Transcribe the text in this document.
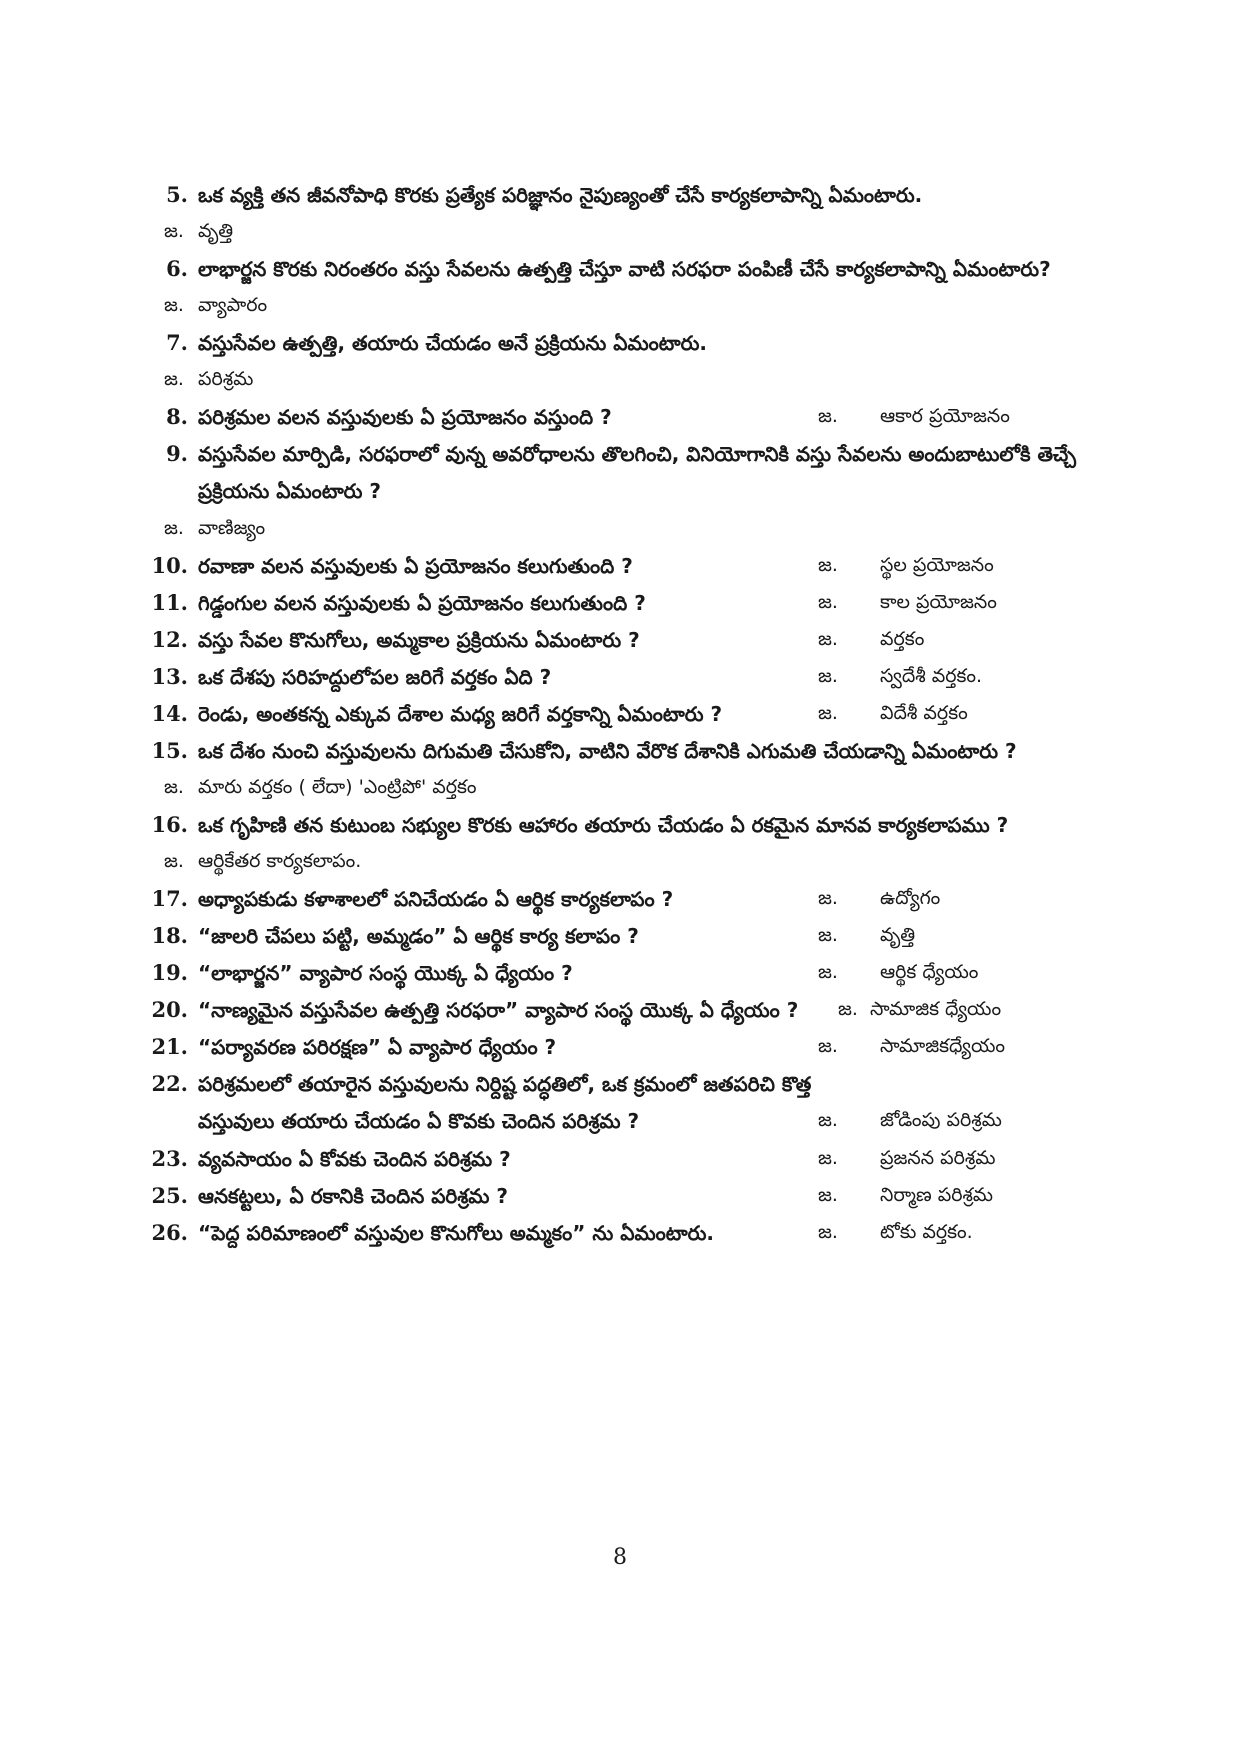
5. ఒక వ్యక్తి తన జీవనోపాధి కొరకు ప్రత్యేక పరిజ్ఞానం నైపుణ్యంతో చేసే కార్యకలాపాన్ని ఏమంటారు.
జ. వృత్తి
6. లాభార్జన కొరకు నిరంతరం వస్తు సేవలను ఉత్పత్తి చేస్తూ వాటి సరఫరా పంపిణీ చేసే కార్యకలాపాన్ని ఏమంటారు?
జ. వ్యాపారం
7. వస్తుసేవల ఉత్పత్తి, తయారు చేయడం అనే ప్రక్రియను ఏమంటారు.
జ. పరిశ్రమ
8. పరిశ్రమల వలన వస్తువులకు ఏ ప్రయోజనం వస్తుంది ?	జ.	ఆకార ప్రయోజనం
9. వస్తుసేవల మార్పిడి, సరఫరాలో వున్న అవరోధాలను తొలగించి, వినియోగానికి వస్తు సేవలను అందుబాటులోకి తెచ్చే ప్రక్రియను ఏమంటారు ?
జ. వాణిజ్యం
10. రవాణా వలన వస్తువులకు ఏ ప్రయోజనం కలుగుతుంది ?	జ.	స్థల ప్రయోజనం
11. గిడ్డంగుల వలన వస్తువులకు ఏ ప్రయోజనం కలుగుతుంది ?	జ.	కాల ప్రయోజనం
12. వస్తు సేవల కొనుగోలు, అమ్మకాల ప్రక్రియను ఏమంటారు ?	జ.	వర్తకం
13. ఒక దేశపు సరిహద్దులోపల జరిగే వర్తకం ఏది ?	జ.	స్వదేశీ వర్తకం.
14. రెండు, అంతకన్న ఎక్కువ దేశాల మధ్య జరిగే వర్తకాన్ని ఏమంటారు ?	జ.	విదేశీ వర్తకం
15. ఒక దేశం నుంచి వస్తువులను దిగుమతి చేసుకోని, వాటిని వేరొక దేశానికి ఎగుమతి చేయడాన్ని ఏమంటారు ?
జ. మారు వర్తకం ( లేదా) 'ఎంట్రిపో' వర్తకం
16. ఒక గృహిణి తన కుటుంబ సభ్యుల కొరకు ఆహారం తయారు చేయడం ఏ రకమైన మానవ కార్యకలాపము ?
జ. ఆర్థికేతర కార్యకలాపం.
17. అధ్యాపకుడు కళాశాలలో పనిచేయడం ఏ ఆర్థిక కార్యకలాపం ?	జ.	ఉద్యోగం
18. “జాలరి చేపలు పట్టి, అమ్మడం” ఏ ఆర్థిక కార్య కలాపం ?	జ.	వృత్తి
19. “లాభార్జన” వ్యాపార సంస్థ యొక్క ఏ ధ్యేయం ?	జ.	ఆర్థిక ధ్యేయం
20. “నాణ్యమైన వస్తుసేవల ఉత్పత్తి సరఫరా” వ్యాపార సంస్థ యొక్క ఏ ధ్యేయం ? జ. సామాజిక ధ్యేయం
21. “పర్యావరణ పరిరక్షణ” ఏ వ్యాపార ధ్యేయం ?	జ.	సామాజికధ్యేయం
22. పరిశ్రమలలో తయారైన వస్తువులను నిర్దిష్ట పద్ధతిలో, ఒక క్రమంలో జతపరిచి కొత్త వస్తువులు తయారు చేయడం ఏ కొవకు చెందిన పరిశ్రమ ?	జ.	జోడింపు పరిశ్రమ
23. వ్యవసాయం ఏ కోవకు చెందిన పరిశ్రమ ?	జ.	ప్రజనన పరిశ్రమ
25. ఆనకట్టలు, ఏ రకానికి చెందిన పరిశ్రమ ?	జ.	నిర్మాణ పరిశ్రమ
26. “పెద్ద పరిమాణంలో వస్తువుల కొనుగోలు అమ్మకం” ను ఏమంటారు.	జ.	టోకు వర్తకం.
8
